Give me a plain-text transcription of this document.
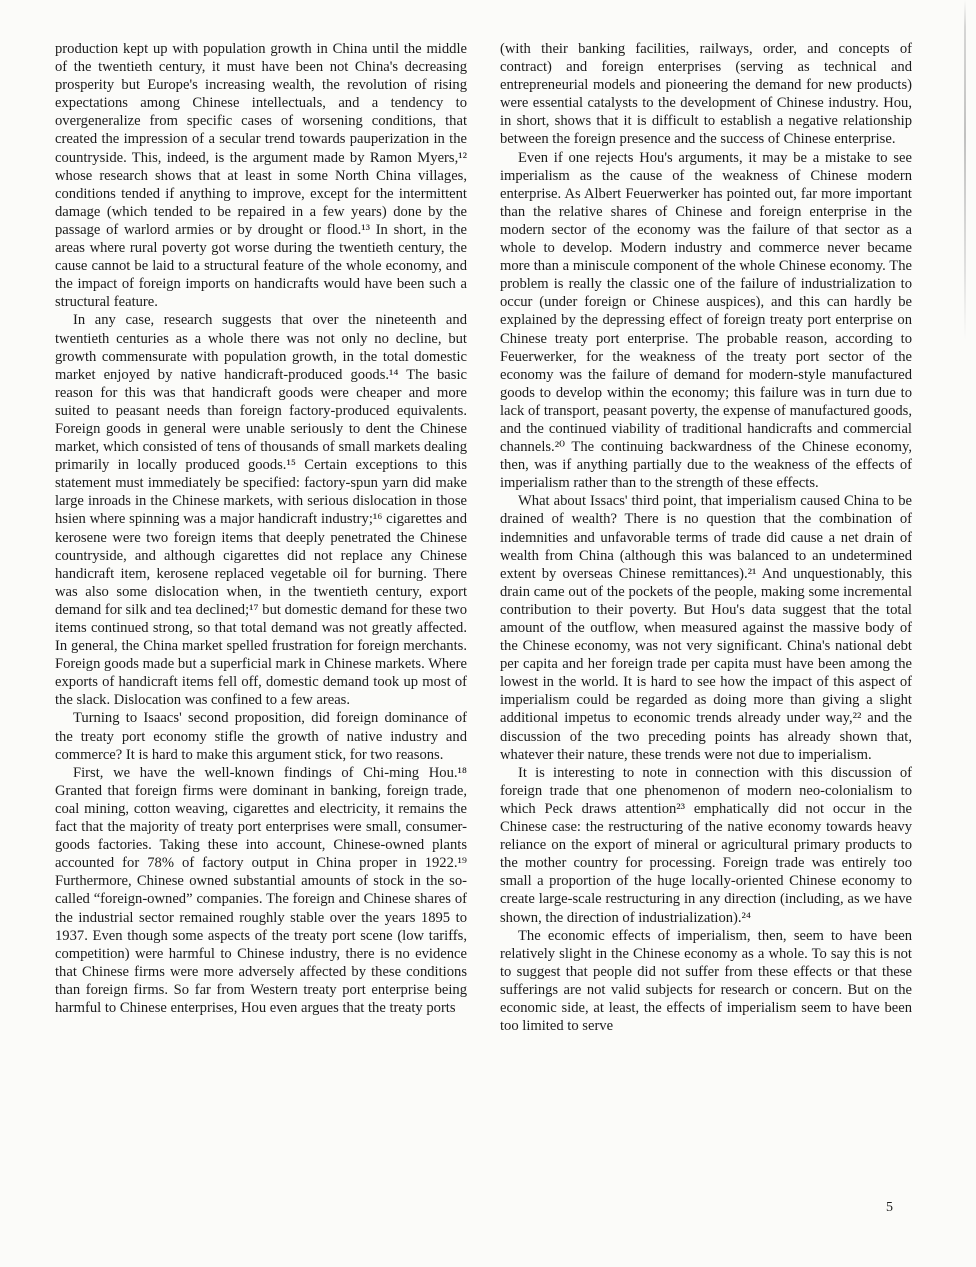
production kept up with population growth in China until the middle of the twentieth century, it must have been not China's decreasing prosperity but Europe's increasing wealth, the revolution of rising expectations among Chinese intellectuals, and a tendency to overgeneralize from specific cases of worsening conditions, that created the impression of a secular trend towards pauperization in the countryside. This, indeed, is the argument made by Ramon Myers,¹² whose research shows that at least in some North China villages, conditions tended if anything to improve, except for the intermittent damage (which tended to be repaired in a few years) done by the passage of warlord armies or by drought or flood.¹³ In short, in the areas where rural poverty got worse during the twentieth century, the cause cannot be laid to a structural feature of the whole economy, and the impact of foreign imports on handicrafts would have been such a structural feature.

In any case, research suggests that over the nineteenth and twentieth centuries as a whole there was not only no decline, but growth commensurate with population growth, in the total domestic market enjoyed by native handicraft-produced goods.¹⁴ The basic reason for this was that handicraft goods were cheaper and more suited to peasant needs than foreign factory-produced equivalents. Foreign goods in general were unable seriously to dent the Chinese market, which consisted of tens of thousands of small markets dealing primarily in locally produced goods.¹⁵ Certain exceptions to this statement must immediately be specified: factory-spun yarn did make large inroads in the Chinese markets, with serious dislocation in those hsien where spinning was a major handicraft industry;¹⁶ cigarettes and kerosene were two foreign items that deeply penetrated the Chinese countryside, and although cigarettes did not replace any Chinese handicraft item, kerosene replaced vegetable oil for burning. There was also some dislocation when, in the twentieth century, export demand for silk and tea declined;¹⁷ but domestic demand for these two items continued strong, so that total demand was not greatly affected. In general, the China market spelled frustration for foreign merchants. Foreign goods made but a superficial mark in Chinese markets. Where exports of handicraft items fell off, domestic demand took up most of the slack. Dislocation was confined to a few areas.

Turning to Isaacs' second proposition, did foreign dominance of the treaty port economy stifle the growth of native industry and commerce? It is hard to make this argument stick, for two reasons.

First, we have the well-known findings of Chi-ming Hou.¹⁸ Granted that foreign firms were dominant in banking, foreign trade, coal mining, cotton weaving, cigarettes and electricity, it remains the fact that the majority of treaty port enterprises were small, consumer-goods factories. Taking these into account, Chinese-owned plants accounted for 78% of factory output in China proper in 1922.¹⁹ Furthermore, Chinese owned substantial amounts of stock in the so-called “foreign-owned” companies. The foreign and Chinese shares of the industrial sector remained roughly stable over the years 1895 to 1937. Even though some aspects of the treaty port scene (low tariffs, competition) were harmful to Chinese industry, there is no evidence that Chinese firms were more adversely affected by these conditions than foreign firms. So far from Western treaty port enterprise being harmful to Chinese enterprises, Hou even argues that the treaty ports

(with their banking facilities, railways, order, and concepts of contract) and foreign enterprises (serving as technical and entrepreneurial models and pioneering the demand for new products) were essential catalysts to the development of Chinese industry. Hou, in short, shows that it is difficult to establish a negative relationship between the foreign presence and the success of Chinese enterprise.

Even if one rejects Hou's arguments, it may be a mistake to see imperialism as the cause of the weakness of Chinese modern enterprise. As Albert Feuerwerker has pointed out, far more important than the relative shares of Chinese and foreign enterprise in the modern sector of the economy was the failure of that sector as a whole to develop. Modern industry and commerce never became more than a miniscule component of the whole Chinese economy. The problem is really the classic one of the failure of industrialization to occur (under foreign or Chinese auspices), and this can hardly be explained by the depressing effect of foreign treaty port enterprise on Chinese treaty port enterprise. The probable reason, according to Feuerwerker, for the weakness of the treaty port sector of the economy was the failure of demand for modern-style manufactured goods to develop within the economy; this failure was in turn due to lack of transport, peasant poverty, the expense of manufactured goods, and the continued viability of traditional handicrafts and commercial channels.²⁰ The continuing backwardness of the Chinese economy, then, was if anything partially due to the weakness of the effects of imperialism rather than to the strength of these effects.

What about Issacs' third point, that imperialism caused China to be drained of wealth? There is no question that the combination of indemnities and unfavorable terms of trade did cause a net drain of wealth from China (although this was balanced to an undetermined extent by overseas Chinese remittances).²¹ And unquestionably, this drain came out of the pockets of the people, making some incremental contribution to their poverty. But Hou's data suggest that the total amount of the outflow, when measured against the massive body of the Chinese economy, was not very significant. China's national debt per capita and her foreign trade per capita must have been among the lowest in the world. It is hard to see how the impact of this aspect of imperialism could be regarded as doing more than giving a slight additional impetus to economic trends already under way,²² and the discussion of the two preceding points has already shown that, whatever their nature, these trends were not due to imperialism.

It is interesting to note in connection with this discussion of foreign trade that one phenomenon of modern neo-colonialism to which Peck draws attention²³ emphatically did not occur in the Chinese case: the restructuring of the native economy towards heavy reliance on the export of mineral or agricultural primary products to the mother country for processing. Foreign trade was entirely too small a proportion of the huge locally-oriented Chinese economy to create large-scale restructuring in any direction (including, as we have shown, the direction of industrialization).²⁴

The economic effects of imperialism, then, seem to have been relatively slight in the Chinese economy as a whole. To say this is not to suggest that people did not suffer from these effects or that these sufferings are not valid subjects for research or concern. But on the economic side, at least, the effects of imperialism seem to have been too limited to serve

5
